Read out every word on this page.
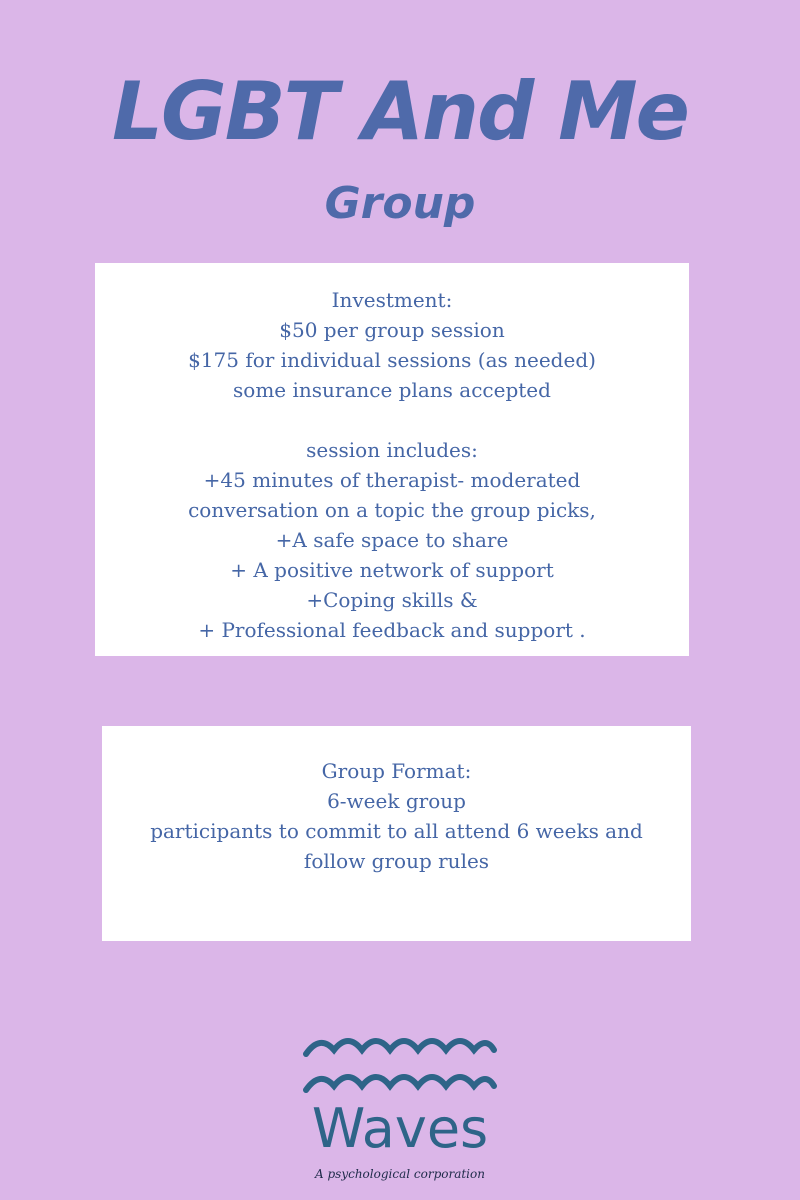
LGBT And Me
Group
Investment:
$50 per group session
$175 for individual sessions (as needed)
some insurance plans accepted
session includes:
+45 minutes of therapist- moderated
conversation on a topic the group picks,
+A safe space to share
+ A positive network of support
+Coping skills &
+ Professional feedback and support .
Group Format:
6-week group
participants to commit to all attend 6 weeks and
follow group rules
Waves
A psychological corporation
